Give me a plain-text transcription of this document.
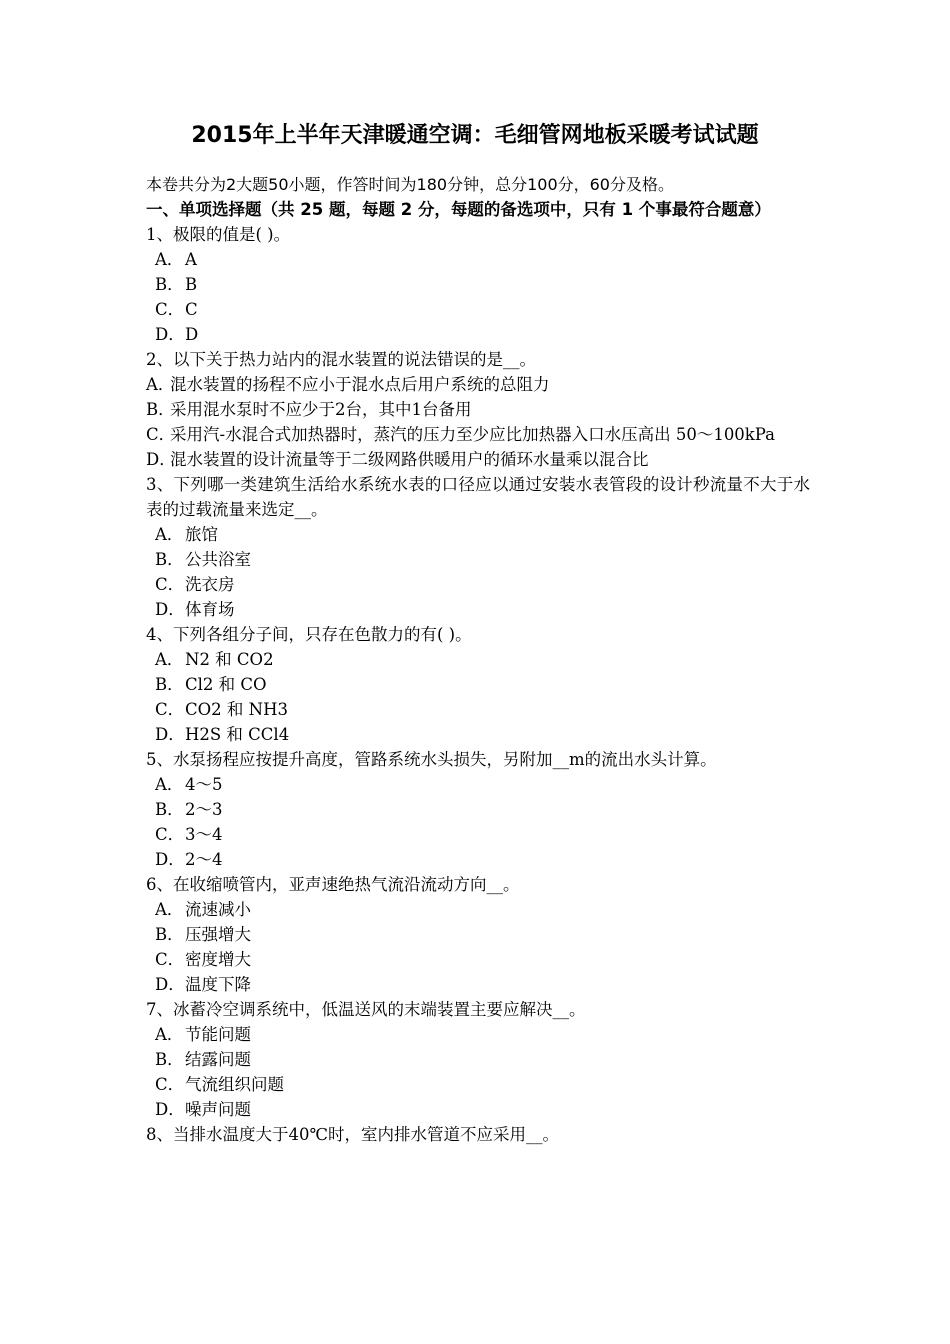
2015年上半年天津暖通空调：毛细管网地板采暖考试试题
本卷共分为2大题50小题，作答时间为180分钟，总分100分，60分及格。
一、单项选择题（共 25 题，每题 2 分，每题的备选项中，只有 1 个事最符合题意）
1、极限的值是( )。
A．A
B．B
C．C
D．D
2、以下关于热力站内的混水装置的说法错误的是__。
A．混水装置的扬程不应小于混水点后用户系统的总阻力
B．采用混水泵时不应少于2台，其中1台备用
C．采用汽-水混合式加热器时，蒸汽的压力至少应比加热器入口水压高出 50～100kPa
D．混水装置的设计流量等于二级网路供暖用户的循环水量乘以混合比
3、下列哪一类建筑生活给水系统水表的口径应以通过安装水表管段的设计秒流量不大于水表的过载流量来选定__。
A．旅馆
B．公共浴室
C．洗衣房
D．体育场
4、下列各组分子间，只存在色散力的有( )。
A．N2 和 CO2
B．Cl2 和 CO
C．CO2 和 NH3
D．H2S 和 CCl4
5、水泵扬程应按提升高度，管路系统水头损失，另附加__m的流出水头计算。
A．4～5
B．2～3
C．3～4
D．2～4
6、在收缩喷管内，亚声速绝热气流沿流动方向__。
A．流速减小
B．压强增大
C．密度增大
D．温度下降
7、冰蓄冷空调系统中，低温送风的末端装置主要应解决__。
A．节能问题
B．结露问题
C．气流组织问题
D．噪声问题
8、当排水温度大于40℃时，室内排水管道不应采用__。
